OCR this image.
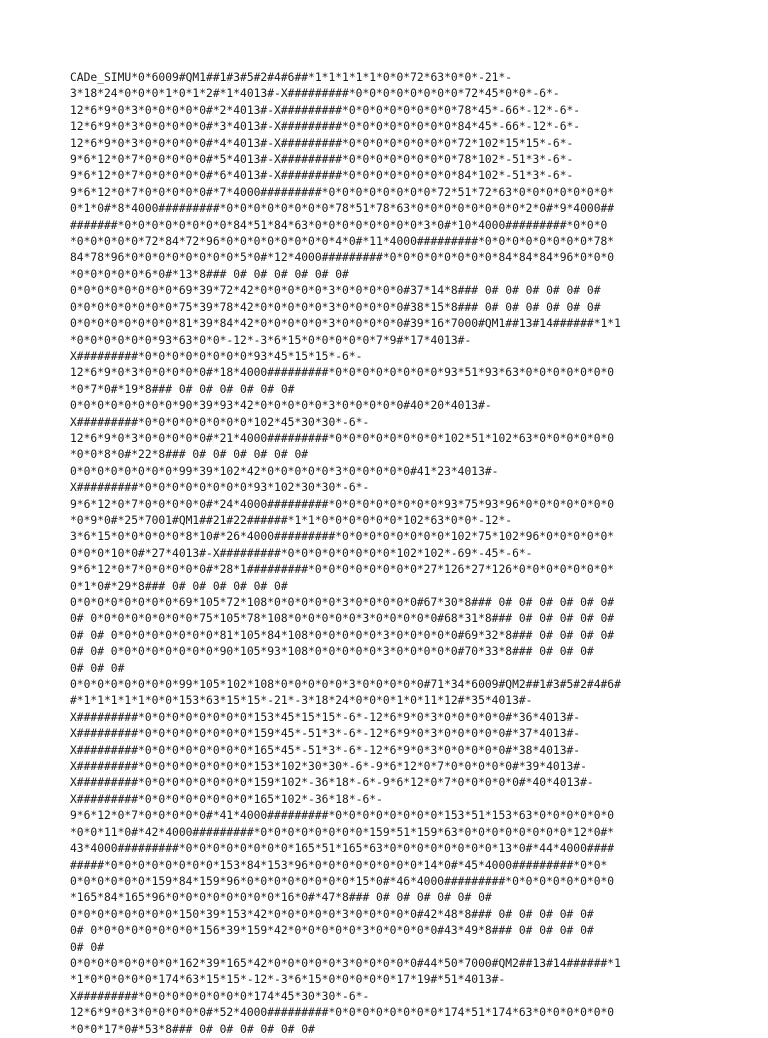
CADe_SIMU*0*6009#QM1##1#3#5#2#4#6##*1*1*1*1*1*0*0*72*63*0*0*-21*-
3*18*24*0*0*0*1*0*1*2#*1*4013#-X#########*0*0*0*0*0*0*0*0*72*45*0*0*-6*-
12*6*9*0*3*0*0*0*0*0#*2*4013#-X#########*0*0*0*0*0*0*0*0*78*45*-66*-12*-6*-
12*6*9*0*3*0*0*0*0*0#*3*4013#-X#########*0*0*0*0*0*0*0*0*84*45*-66*-12*-6*-
12*6*9*0*3*0*0*0*0*0#*4*4013#-X#########*0*0*0*0*0*0*0*0*72*102*15*15*-6*-
9*6*12*0*7*0*0*0*0*0#*5*4013#-X#########*0*0*0*0*0*0*0*0*78*102*-51*3*-6*-
9*6*12*0*7*0*0*0*0*0#*6*4013#-X#########*0*0*0*0*0*0*0*0*84*102*-51*3*-6*-
9*6*12*0*7*0*0*0*0*0#*7*4000#########*0*0*0*0*0*0*0*0*72*51*72*63*0*0*0*0*0*0*0*
0*1*0#*8*4000#########*0*0*0*0*0*0*0*0*78*51*78*63*0*0*0*0*0*0*0*0*2*0#*9*4000##
#######*0*0*0*0*0*0*0*0*84*51*84*63*0*0*0*0*0*0*0*0*3*0#*10*4000#########*0*0*0
*0*0*0*0*0*72*84*72*96*0*0*0*0*0*0*0*0*4*0#*11*4000#########*0*0*0*0*0*0*0*0*78*
84*78*96*0*0*0*0*0*0*0*0*5*0#*12*4000#########*0*0*0*0*0*0*0*0*84*84*84*96*0*0*0
*0*0*0*0*0*6*0#*13*8### 0# 0# 0# 0# 0# 0#
0*0*0*0*0*0*0*0*69*39*72*42*0*0*0*0*0*3*0*0*0*0*0#37*14*8### 0# 0# 0# 0# 0# 0#
0*0*0*0*0*0*0*0*75*39*78*42*0*0*0*0*0*3*0*0*0*0*0#38*15*8### 0# 0# 0# 0# 0# 0#
0*0*0*0*0*0*0*0*81*39*84*42*0*0*0*0*0*3*0*0*0*0*0#39*16*7000#QM1##13#14######*1*1
*0*0*0*0*0*0*93*63*0*0*-12*-3*6*15*0*0*0*0*0*7*9#*17*4013#-
X#########*0*0*0*0*0*0*0*0*93*45*15*15*-6*-
12*6*9*0*3*0*0*0*0*0#*18*4000#########*0*0*0*0*0*0*0*0*93*51*93*63*0*0*0*0*0*0*0
*0*7*0#*19*8### 0# 0# 0# 0# 0# 0#
0*0*0*0*0*0*0*0*90*39*93*42*0*0*0*0*0*3*0*0*0*0*0#40*20*4013#-
X#########*0*0*0*0*0*0*0*0*102*45*30*30*-6*-
12*6*9*0*3*0*0*0*0*0#*21*4000#########*0*0*0*0*0*0*0*0*102*51*102*63*0*0*0*0*0*0
*0*0*8*0#*22*8### 0# 0# 0# 0# 0# 0#
0*0*0*0*0*0*0*0*99*39*102*42*0*0*0*0*0*3*0*0*0*0*0#41*23*4013#-
X#########*0*0*0*0*0*0*0*0*93*102*30*30*-6*-
9*6*12*0*7*0*0*0*0*0#*24*4000#########*0*0*0*0*0*0*0*0*93*75*93*96*0*0*0*0*0*0*0
*0*9*0#*25*7001#QM1##21#22######*1*1*0*0*0*0*0*0*102*63*0*0*-12*-
3*6*15*0*0*0*0*0*8*10#*26*4000#########*0*0*0*0*0*0*0*0*102*75*102*96*0*0*0*0*0*
0*0*0*10*0#*27*4013#-X#########*0*0*0*0*0*0*0*0*102*102*-69*-45*-6*-
9*6*12*0*7*0*0*0*0*0#*28*1#########*0*0*0*0*0*0*0*0*27*126*27*126*0*0*0*0*0*0*0*
0*1*0#*29*8### 0# 0# 0# 0# 0# 0#
0*0*0*0*0*0*0*0*69*105*72*108*0*0*0*0*0*3*0*0*0*0*0#67*30*8### 0# 0# 0# 0# 0# 0#
0# 0*0*0*0*0*0*0*0*75*105*78*108*0*0*0*0*0*3*0*0*0*0*0#68*31*8### 0# 0# 0# 0# 0#
0# 0# 0*0*0*0*0*0*0*0*81*105*84*108*0*0*0*0*0*3*0*0*0*0*0#69*32*8### 0# 0# 0# 0#
0# 0# 0*0*0*0*0*0*0*0*90*105*93*108*0*0*0*0*0*3*0*0*0*0*0#70*33*8### 0# 0# 0#
0# 0# 0#
0*0*0*0*0*0*0*0*99*105*102*108*0*0*0*0*0*3*0*0*0*0*0#71*34*6009#QM2##1#3#5#2#4#6#
#*1*1*1*1*1*0*0*153*63*15*15*-21*-3*18*24*0*0*0*1*0*11*12#*35*4013#-
X#########*0*0*0*0*0*0*0*0*153*45*15*15*-6*-12*6*9*0*3*0*0*0*0*0#*36*4013#-
X#########*0*0*0*0*0*0*0*0*159*45*-51*3*-6*-12*6*9*0*3*0*0*0*0*0#*37*4013#-
X#########*0*0*0*0*0*0*0*0*165*45*-51*3*-6*-12*6*9*0*3*0*0*0*0*0#*38*4013#-
X#########*0*0*0*0*0*0*0*0*153*102*30*30*-6*-9*6*12*0*7*0*0*0*0*0#*39*4013#-
X#########*0*0*0*0*0*0*0*0*159*102*-36*18*-6*-9*6*12*0*7*0*0*0*0*0#*40*4013#-
X#########*0*0*0*0*0*0*0*0*165*102*-36*18*-6*-
9*6*12*0*7*0*0*0*0*0#*41*4000#########*0*0*0*0*0*0*0*0*153*51*153*63*0*0*0*0*0*0
*0*0*11*0#*42*4000#########*0*0*0*0*0*0*0*0*159*51*159*63*0*0*0*0*0*0*0*0*12*0#*
43*4000#########*0*0*0*0*0*0*0*0*165*51*165*63*0*0*0*0*0*0*0*0*13*0#*44*4000####
#####*0*0*0*0*0*0*0*0*153*84*153*96*0*0*0*0*0*0*0*0*14*0#*45*4000#########*0*0*
0*0*0*0*0*0*159*84*159*96*0*0*0*0*0*0*0*0*15*0#*46*4000#########*0*0*0*0*0*0*0*0
*165*84*165*96*0*0*0*0*0*0*0*0*16*0#*47*8### 0# 0# 0# 0# 0# 0#
0*0*0*0*0*0*0*0*150*39*153*42*0*0*0*0*0*3*0*0*0*0*0#42*48*8### 0# 0# 0# 0# 0#
0# 0*0*0*0*0*0*0*0*156*39*159*42*0*0*0*0*0*3*0*0*0*0*0#43*49*8### 0# 0# 0# 0#
0# 0#
0*0*0*0*0*0*0*0*162*39*165*42*0*0*0*0*0*3*0*0*0*0*0#44*50*7000#QM2##13#14######*1
*1*0*0*0*0*0*174*63*15*15*-12*-3*6*15*0*0*0*0*0*17*19#*51*4013#-
X#########*0*0*0*0*0*0*0*0*174*45*30*30*-6*-
12*6*9*0*3*0*0*0*0*0#*52*4000#########*0*0*0*0*0*0*0*0*174*51*174*63*0*0*0*0*0*0
*0*0*17*0#*53*8### 0# 0# 0# 0# 0# 0#
